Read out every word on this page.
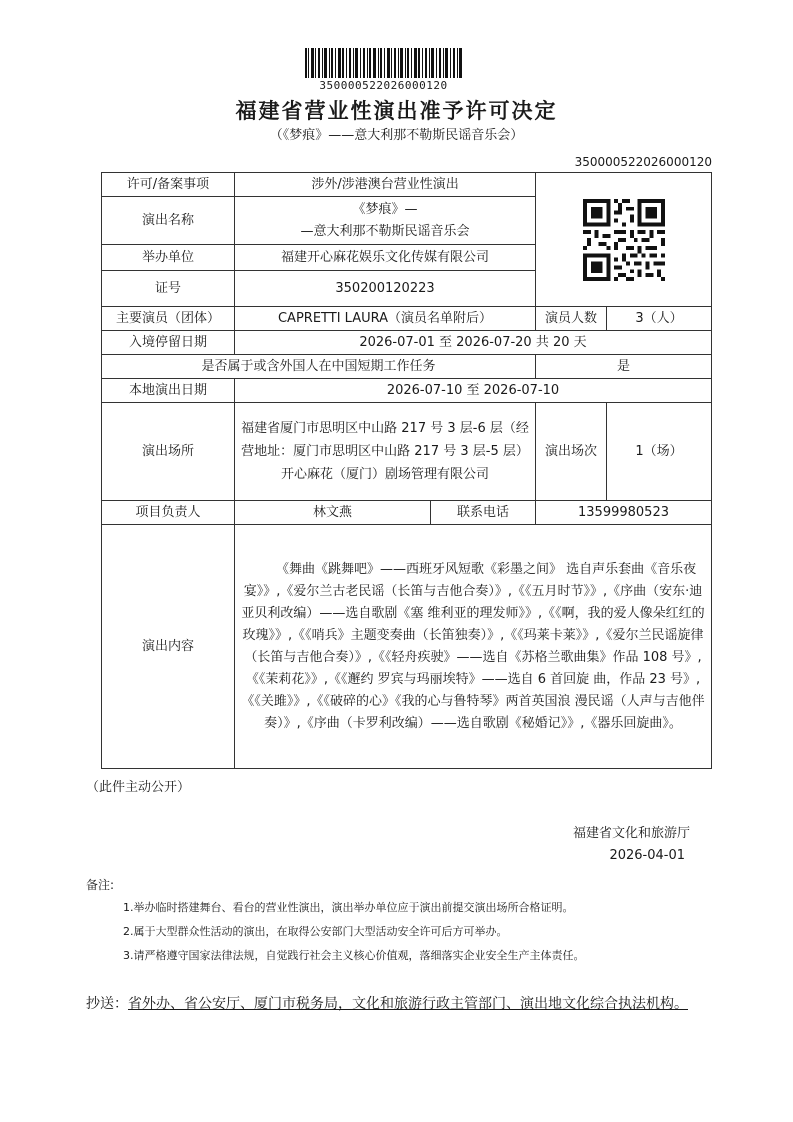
350000522026000120
福建省营业性演出准予许可决定
（《梦痕》——意大利那不勒斯民谣音乐会）
350000522026000120
许可/备案事项	涉外/涉港澳台营业性演出	

演出名称	《梦痕》—
—意大利那不勒斯民谣音乐会			

举办单位	福建开心麻花娱乐文化传媒有限公司			
证号	350200120223			
主要演员（团体）	CAPRETTI LAURA（演员名单附后）		演员人数	3（人）
入境停留日期	2026-07-01 至 2026-07-20 共 20 天			
是否属于或含外国人在中国短期工作任务			是	
本地演出日期	2026-07-10 至 2026-07-10			
演出场所	福建省厦门市思明区中山路 217 号 3 层-6 层（经营地址：厦门市思明区中山路 217 号 3 层-5 层）开心麻花（厦门）剧场管理有限公司		演出场次	1（场）
项目负责人	林文燕	联系电话	13599980523	
演出内容	《舞曲《跳舞吧》——西班牙风短歌《彩墨之间》 选自声乐套曲《音乐夜宴》》,《爱尔兰古老民谣（长笛与吉他合奏）》,《《五月时节》》,《序曲（安东·迪亚贝利改编）——选自歌剧《塞 维利亚的理发师》》,《《啊，我的爱人像朵红红的玫瑰》》,《《哨兵》主题变奏曲（长笛独奏）》,《《玛莱卡莱》》,《爱尔兰民谣旋律（长笛与吉他合奏）》,《《轻舟疾驶》——选自《苏格兰歌曲集》作品 108 号》,《《茉莉花》》,《《邂约 罗宾与玛丽埃特》——选自 6 首回旋 曲，作品 23 号》,《《关雎》》,《《破碎的心》《我的心与鲁特琴》两首英国浪 漫民谣（人声与吉他伴奏）》,《序曲（卡罗利改编）——选自歌剧《秘婚记》》,《器乐回旋曲》。			
（此件主动公开）
福建省文化和旅游厅
2026-04-01
备注:
1.举办临时搭建舞台、看台的营业性演出，演出举办单位应于演出前提交演出场所合格证明。
2.属于大型群众性活动的演出，在取得公安部门大型活动安全许可后方可举办。
3.请严格遵守国家法律法规，自觉践行社会主义核心价值观，落细落实企业安全生产主体责任。
抄送：省外办、省公安厅、厦门市税务局，文化和旅游行政主管部门、演出地文化综合执法机构。
